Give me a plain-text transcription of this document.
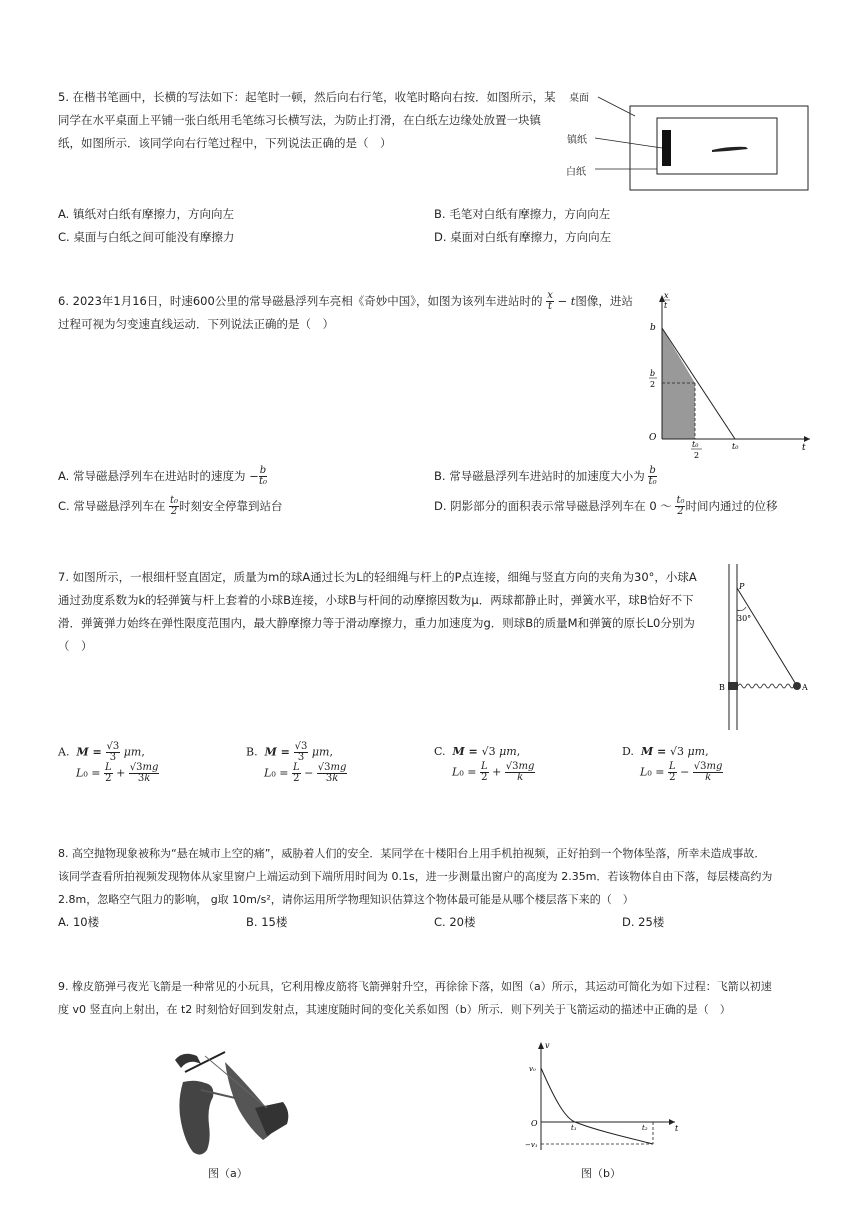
5. 在楷书笔画中，长横的写法如下：起笔时一顿，然后向右行笔，收笔时略向右按．如图所示，某

同学在水平桌面上平铺一张白纸用毛笔练习长横写法，为防止打滑，在白纸左边缘处放置一块镇

纸，如图所示．该同学向右行笔过程中，下列说法正确的是（　）

桌面
镇纸
白纸
A. 镇纸对白纸有摩擦力，方向向左	B. 毛笔对白纸有摩擦力，方向向左
C. 桌面与白纸之间可能没有摩擦力	D. 桌面对白纸有摩擦力，方向向左

6. 2023年1月16日，时速600公里的常导磁悬浮列车亮相《奇妙中国》，如图为该列车进站时的 $\frac{x}{t} - t$图像，进站

过程可视为匀变速直线运动．下列说法正确的是（　）	b
b
2
O
t₀
2
t₀	t
x
t
A. 常导磁悬浮列车在进站时的速度为 − $\frac{b}{\text{t₀}}$	B. 常导磁悬浮列车进站时的加速度大小为 $\frac{b}{\text{t₀}}$
C. 常导磁悬浮列车在 $\frac{\text{t₀}}{2}$ 时刻安全停靠到站台	D. 阴影部分的面积表示常导磁悬浮列车在 0 ～ $\frac{\text{t₀}}{2}$ 时间内通过的位移

7. 如图所示，一根细杆竖直固定，质量为m的球A通过长为L的轻细绳与杆上的P点连接，细绳与竖直方向的夹角为30°，小球A

通过劲度系数为k的轻弹簧与杆上套着的小球B连接，小球B与杆间的动摩擦因数为μ．两球都静止时，弹簧水平，球B恰好不下

滑．弹簧弹力始终在弹性限度范围内，最大静摩擦力等于滑动摩擦力，重力加速度为g．则球B的质量M和弹簧的原长L0分别为

（　）

30°
P
B	A
A. $M = \frac{√3}{3} \mu m$,
$L_0 = \frac{L}{2} + \frac{√3mg}{3k}$
B. $M = \frac{√3}{3} \mu m$,
$L_0 = \frac{L}{2} - \frac{√3mg}{3k}$
C. M = √3 μm,
$L_0 = \frac{L}{2} + \frac{√3mg}{k}$
D. M = √3 μm,
$L_0 = \frac{L}{2} - \frac{√3mg}{k}$

8. 高空抛物现象被称为“悬在城市上空的痛”，威胁着人们的安全．某同学在十楼阳台上用手机拍视频，正好拍到一个物体坠落，所幸未造成事故．

该同学查看所拍视频发现物体从家里窗户上端运动到下端所用时间为 0.1s，进一步测量出窗户的高度为 2.35m．若该物体自由下落，每层楼高约为

2.8m，忽略空气阻力的影响， g取 10m/s²，请你运用所学物理知识估算这个物体最可能是从哪个楼层落下来的（　）

A. 10楼	B. 15楼	C. 20楼	D. 25楼

9. 橡皮筋弹弓夜光飞箭是一种常见的小玩具，它利用橡皮筋将飞箭弹射升空，再徐徐下落，如图（a）所示，其运动可简化为如下过程：飞箭以初速

度 v0 竖直向上射出，在 t2 时刻恰好回到发射点，其速度随时间的变化关系如图（b）所示．则下列关于飞箭运动的描述中正确的是（　）

图（a）
v
v₀
O	t₁	t₂	t
−v₁
图（b）
